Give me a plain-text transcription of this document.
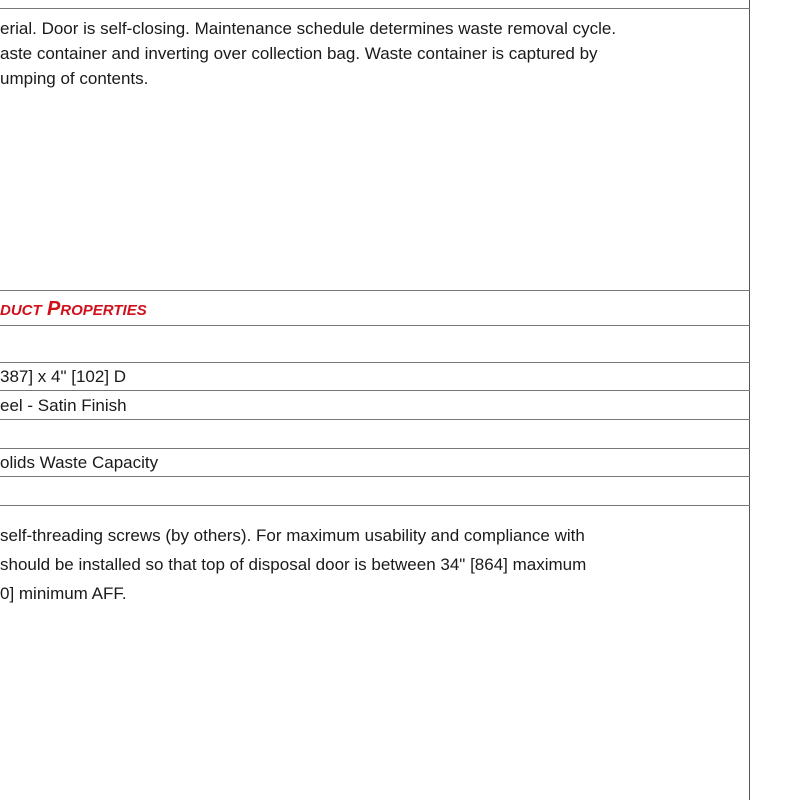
erial. Door is self-closing. Maintenance schedule determines waste removal cycle.
aste container and inverting over collection bag. Waste container is captured by
umping of contents.
DUCT PROPERTIES
387] x 4" [102] D
eel - Satin Finish
olids Waste Capacity
self-threading screws (by others). For maximum usability and compliance with
should be installed so that top of disposal door is between 34" [864] maximum
0] minimum AFF.
